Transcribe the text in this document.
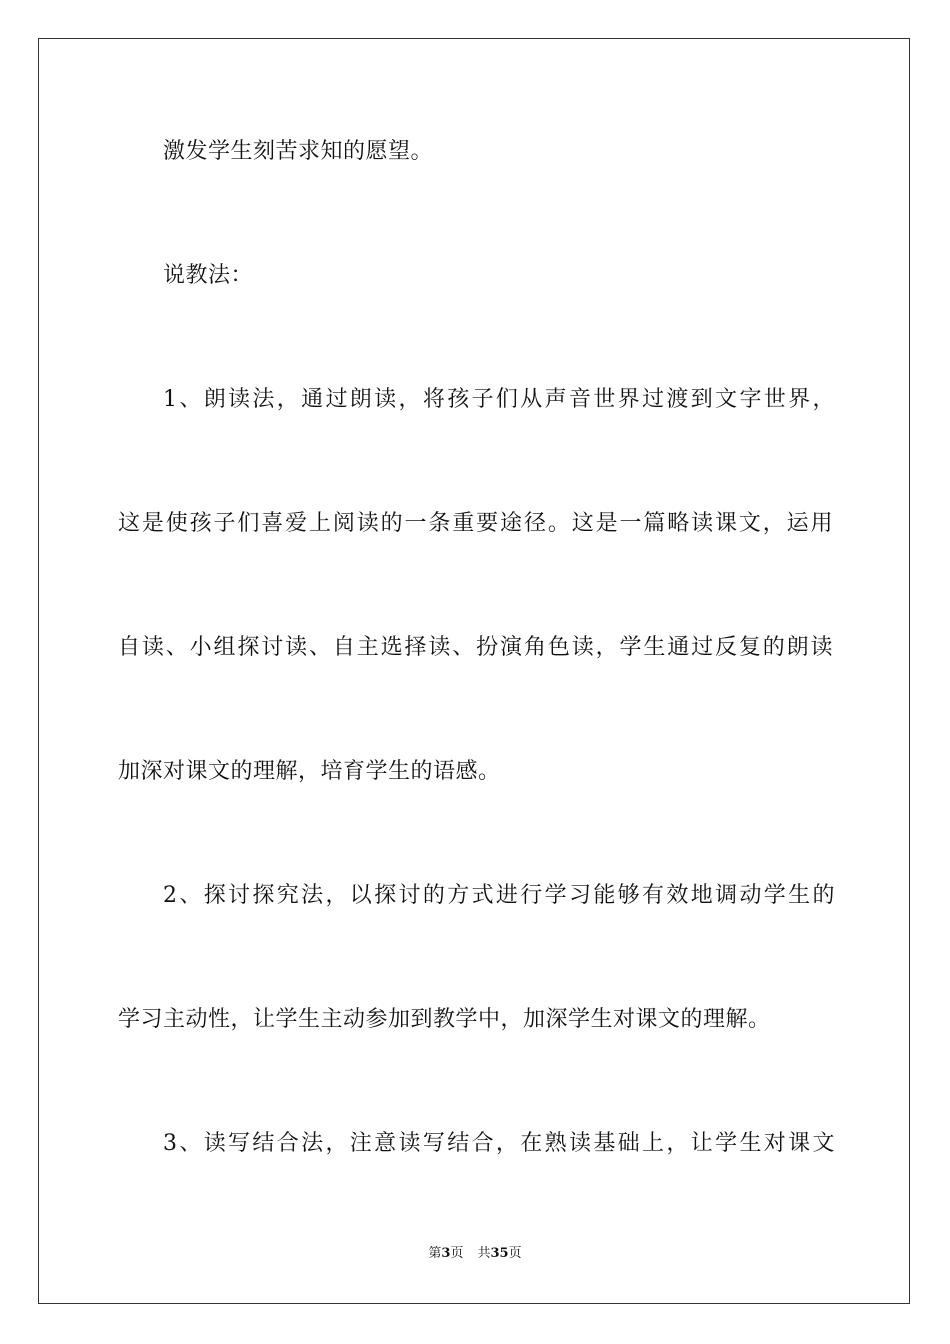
激发学生刻苦求知的愿望。
说教法：
1、朗读法，通过朗读，将孩子们从声音世界过渡到文字世界，
这是使孩子们喜爱上阅读的一条重要途径。这是一篇略读课文，运用
自读、小组探讨读、自主选择读、扮演角色读，学生通过反复的朗读
加深对课文的理解，培育学生的语感。
2、探讨探究法，以探讨的方式进行学习能够有效地调动学生的
学习主动性，让学生主动参加到教学中，加深学生对课文的理解。
3、读写结合法，注意读写结合，在熟读基础上，让学生对课文
第3页 共35页
